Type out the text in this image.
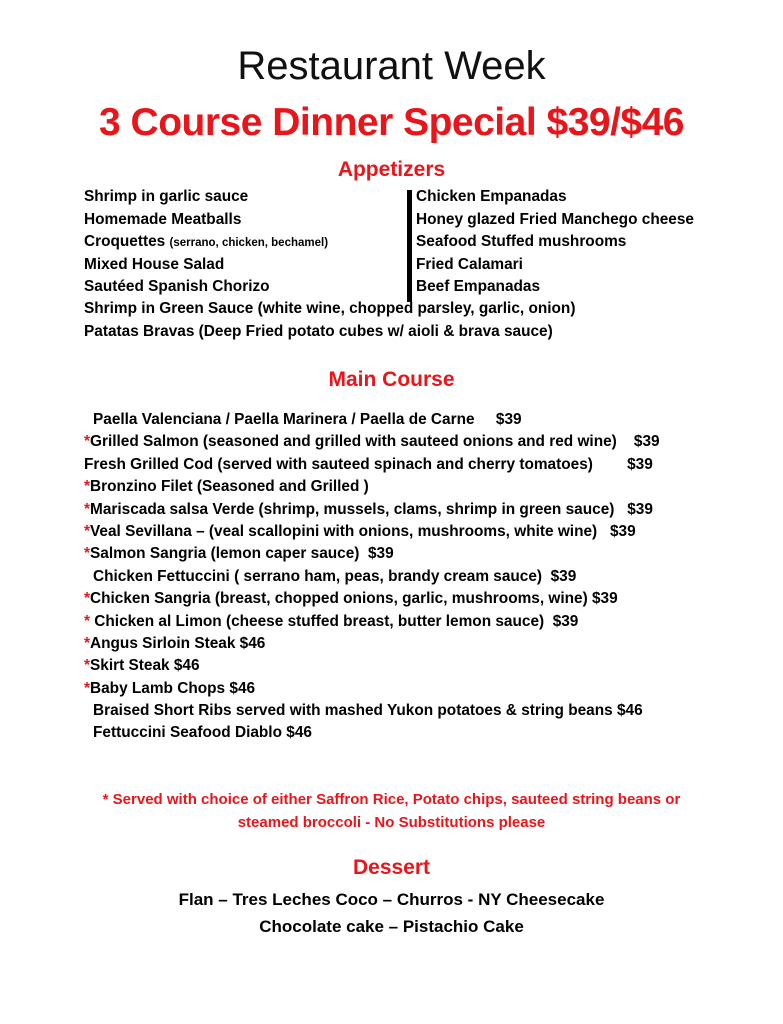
Restaurant Week
3 Course Dinner Special $39/$46
Appetizers
Shrimp in garlic sauce
Homemade Meatballs
Croquettes (serrano, chicken, bechamel)
Mixed House Salad
Sautéed Spanish Chorizo
Chicken Empanadas
Honey glazed Fried Manchego cheese
Seafood Stuffed mushrooms
Fried Calamari
Beef Empanadas
Shrimp in Green Sauce (white wine, chopped parsley, garlic, onion)
Patatas Bravas (Deep Fried potato cubes w/ aioli & brava sauce)
Main Course
Paella Valenciana / Paella Marinera / Paella de Carne     $39
*Grilled Salmon (seasoned and grilled with sauteed onions and red wine)    $39
Fresh Grilled Cod (served with sauteed spinach and cherry tomatoes)        $39
*Bronzino Filet (Seasoned and Grilled )
*Mariscada salsa Verde (shrimp, mussels, clams, shrimp in green sauce)   $39
*Veal Sevillana – (veal scallopini with onions, mushrooms, white wine)   $39
*Salmon Sangria (lemon caper sauce)  $39
Chicken Fettuccini ( serrano ham, peas, brandy cream sauce)  $39
*Chicken Sangria (breast, chopped onions, garlic, mushrooms, wine) $39
* Chicken al Limon (cheese stuffed breast, butter lemon sauce)  $39
*Angus Sirloin Steak $46
*Skirt Steak $46
*Baby Lamb Chops $46
Braised Short Ribs served with mashed Yukon potatoes & string beans $46
Fettuccini Seafood Diablo $46
* Served with choice of either Saffron Rice, Potato chips, sauteed string beans or
steamed broccoli - No Substitutions please
Dessert
Flan – Tres Leches Coco – Churros - NY Cheesecake
Chocolate cake – Pistachio Cake
